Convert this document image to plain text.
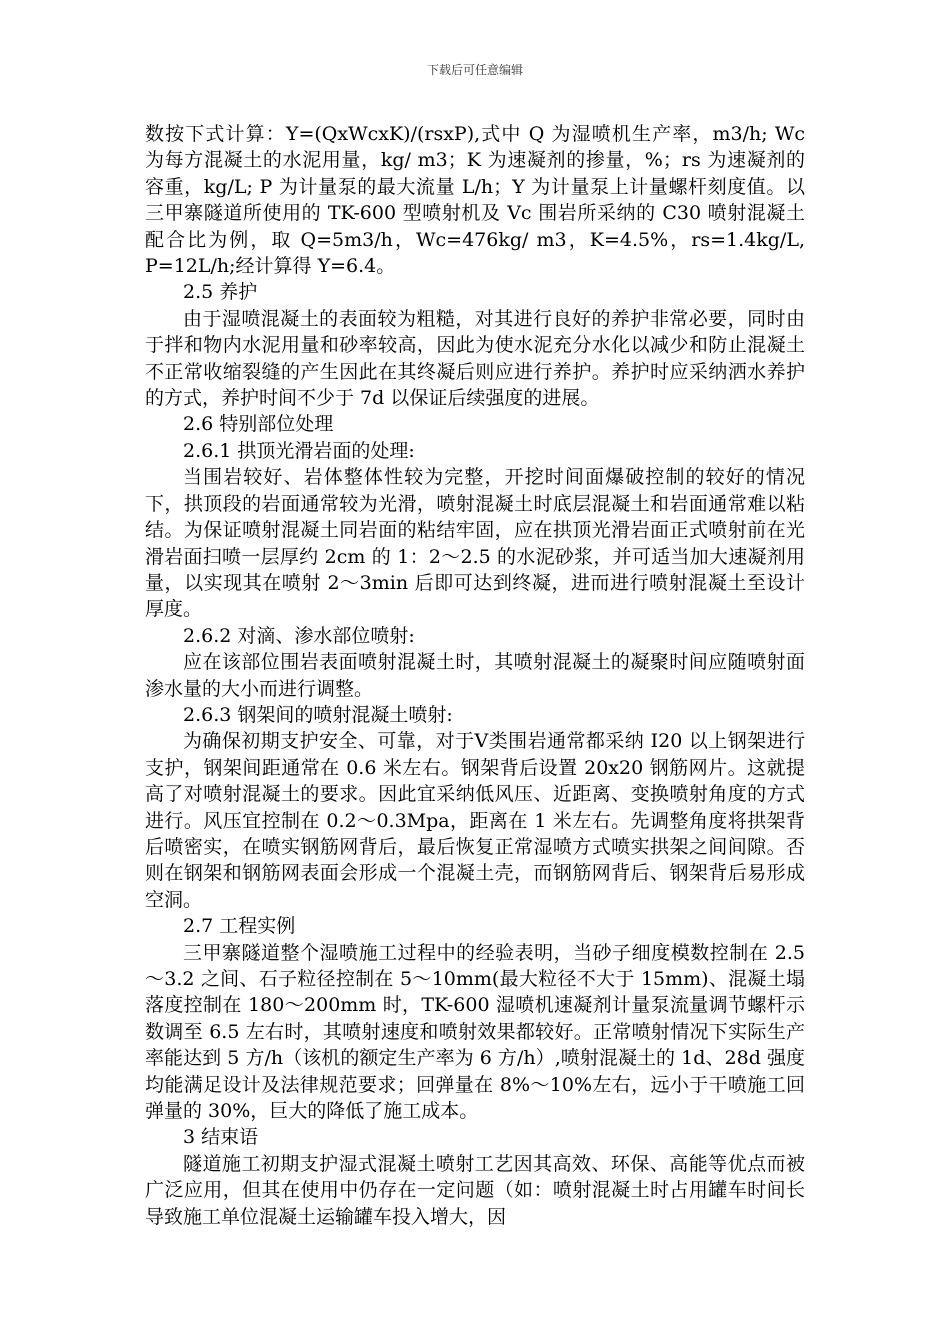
下载后可任意编辑

数按下式计算：Y=(QxWcxK)/(rsxP),式中 Q 为湿喷机生产率，m3/h; Wc 为每方混凝土的水泥用量，kg/ m3；K 为速凝剂的掺量，%；rs 为速凝剂的容重，kg/L; P 为计量泵的最大流量 L/h；Y 为计量泵上计量螺杆刻度值。以三甲寨隧道所使用的 TK-600 型喷射机及 Vc 围岩所采纳的 C30 喷射混凝土配合比为例，取 Q=5m3/h，Wc=476kg/ m3，K=4.5%，rs=1.4kg/L, P=12L/h;经计算得 Y=6.4。

2.5 养护

由于湿喷混凝土的表面较为粗糙，对其进行良好的养护非常必要，同时由于拌和物内水泥用量和砂率较高，因此为使水泥充分水化以减少和防止混凝土不正常收缩裂缝的产生因此在其终凝后则应进行养护。养护时应采纳洒水养护的方式，养护时间不少于 7d 以保证后续强度的进展。

2.6 特别部位处理

2.6.1 拱顶光滑岩面的处理:

当围岩较好、岩体整体性较为完整，开挖时间面爆破控制的较好的情况下，拱顶段的岩面通常较为光滑，喷射混凝土时底层混凝土和岩面通常难以粘结。为保证喷射混凝土同岩面的粘结牢固，应在拱顶光滑岩面正式喷射前在光滑岩面扫喷一层厚约 2cm 的 1：2～2.5 的水泥砂浆，并可适当加大速凝剂用量，以实现其在喷射 2～3min 后即可达到终凝，进而进行喷射混凝土至设计厚度。

2.6.2 对滴、渗水部位喷射:

应在该部位围岩表面喷射混凝土时，其喷射混凝土的凝聚时间应随喷射面渗水量的大小而进行调整。

2.6.3 钢架间的喷射混凝土喷射:

为确保初期支护安全、可靠，对于Ⅴ类围岩通常都采纳 I20 以上钢架进行支护，钢架间距通常在 0.6 米左右。钢架背后设置 20x20 钢筋网片。这就提高了对喷射混凝土的要求。因此宜采纳低风压、近距离、变换喷射角度的方式进行。风压宜控制在 0.2～0.3Mpa，距离在 1 米左右。先调整角度将拱架背后喷密实，在喷实钢筋网背后，最后恢复正常湿喷方式喷实拱架之间间隙。否则在钢架和钢筋网表面会形成一个混凝土壳，而钢筋网背后、钢架背后易形成空洞。

2.7 工程实例

三甲寨隧道整个湿喷施工过程中的经验表明，当砂子细度模数控制在 2.5～3.2 之间、石子粒径控制在 5～10mm(最大粒径不大于 15mm)、混凝土塌落度控制在 180～200mm 时，TK-600 湿喷机速凝剂计量泵流量调节螺杆示数调至 6.5 左右时，其喷射速度和喷射效果都较好。正常喷射情况下实际生产率能达到 5 方/h（该机的额定生产率为 6 方/h）,喷射混凝土的 1d、28d 强度均能满足设计及法律规范要求；回弹量在 8%～10%左右，远小于干喷施工回弹量的 30%，巨大的降低了施工成本。

3 结束语

隧道施工初期支护湿式混凝土喷射工艺因其高效、环保、高能等优点而被广泛应用，但其在使用中仍存在一定问题（如：喷射混凝土时占用罐车时间长导致施工单位混凝土运输罐车投入增大，因
